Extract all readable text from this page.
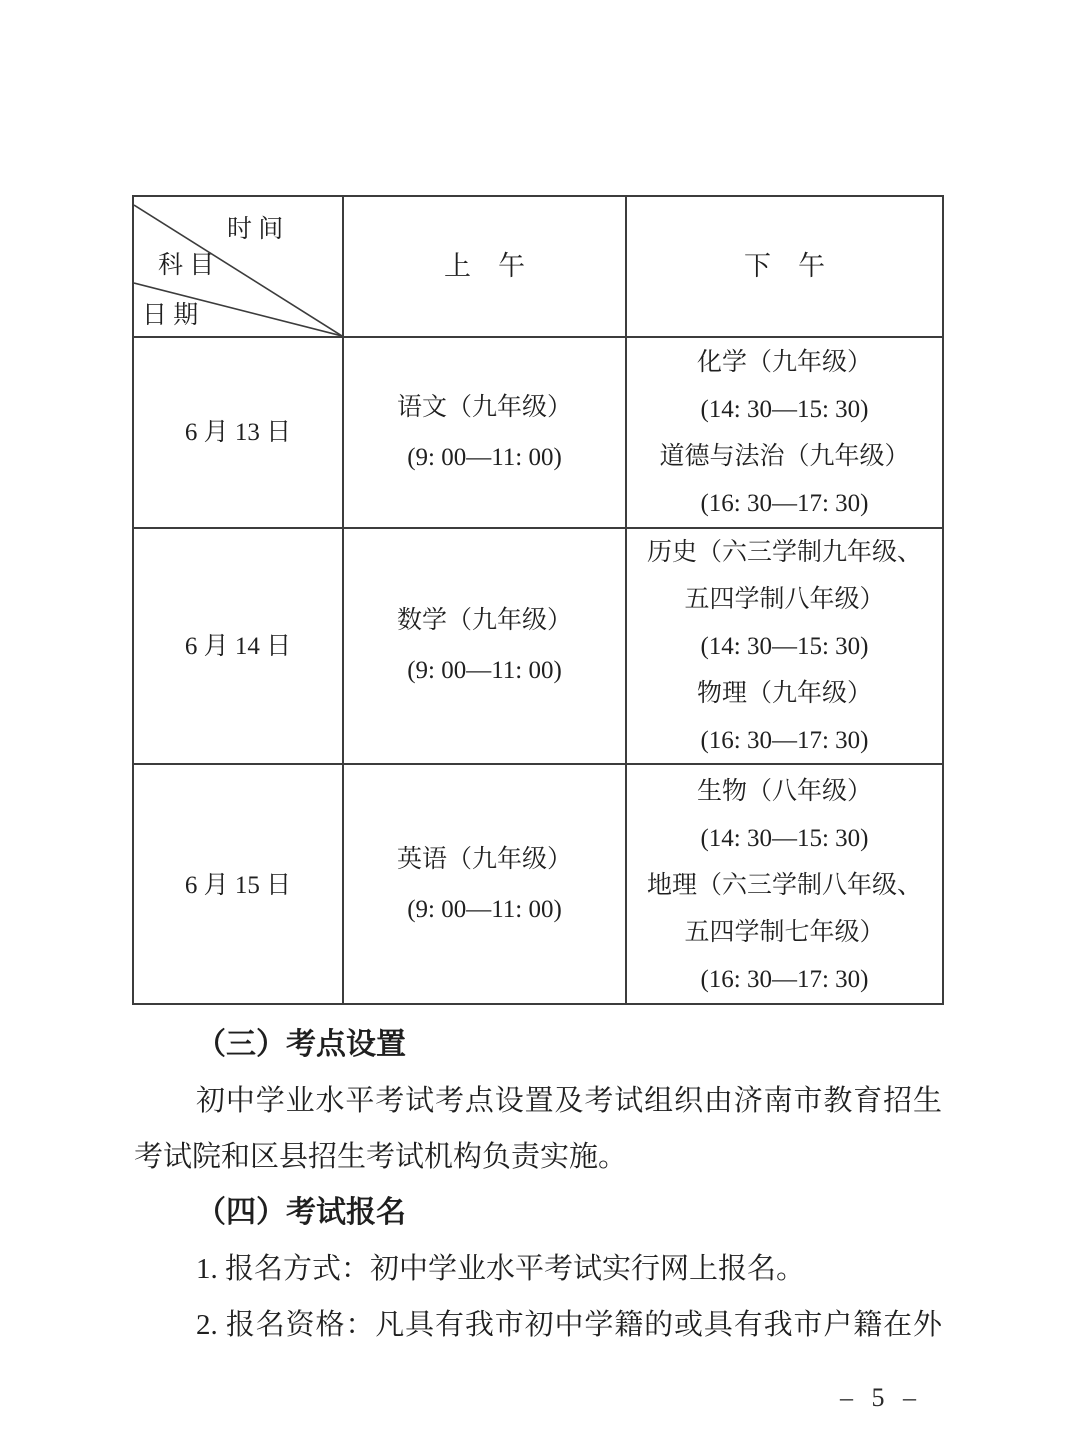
时 间
科 目
日 期
上　午	下　午
6 月 13 日
语文（九年级）
(9: 00—11: 00)
化学（九年级）
(14: 30—15: 30)
道德与法治（九年级）
(16: 30—17: 30)
6 月 14 日
数学（九年级）
(9: 00—11: 00)
历史（六三学制九年级、
五四学制八年级）
(14: 30—15: 30)
物理（九年级）
(16: 30—17: 30)
6 月 15 日
英语（九年级）
(9: 00—11: 00)
生物（八年级）
(14: 30—15: 30)
地理（六三学制八年级、
五四学制七年级）
(16: 30—17: 30)
（三）考点设置
初中学业水平考试考点设置及考试组织由济南市教育招生
考试院和区县招生考试机构负责实施。
（四）考试报名
1. 报名方式：初中学业水平考试实行网上报名。
2. 报名资格：凡具有我市初中学籍的或具有我市户籍在外
– 5 –
